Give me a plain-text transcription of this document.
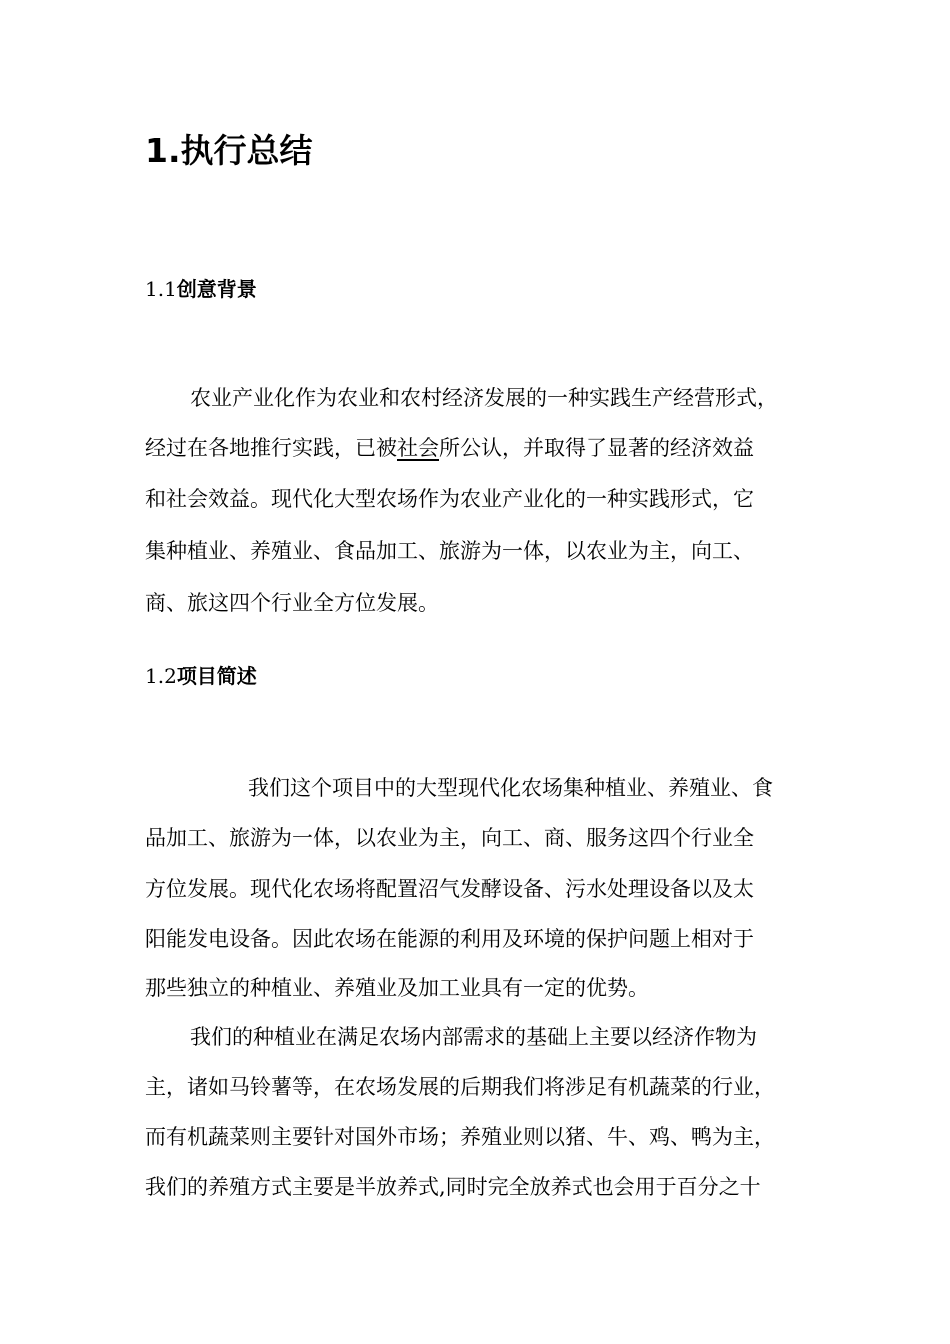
1.执行总结
1.1创意背景
农业产业化作为农业和农村经济发展的一种实践生产经营形式，
经过在各地推行实践，已被社会所公认，并取得了显著的经济效益
和社会效益。现代化大型农场作为农业产业化的一种实践形式，它
集种植业、养殖业、食品加工、旅游为一体，以农业为主，向工、
商、旅这四个行业全方位发展。
1.2项目简述
我们这个项目中的大型现代化农场集种植业、养殖业、食
品加工、旅游为一体，以农业为主，向工、商、服务这四个行业全
方位发展。现代化农场将配置沼气发酵设备、污水处理设备以及太
阳能发电设备。因此农场在能源的利用及环境的保护问题上相对于
那些独立的种植业、养殖业及加工业具有一定的优势。
我们的种植业在满足农场内部需求的基础上主要以经济作物为
主，诸如马铃薯等，在农场发展的后期我们将涉足有机蔬菜的行业，
而有机蔬菜则主要针对国外市场；养殖业则以猪、牛、鸡、鸭为主，
我们的养殖方式主要是半放养式,同时完全放养式也会用于百分之十
